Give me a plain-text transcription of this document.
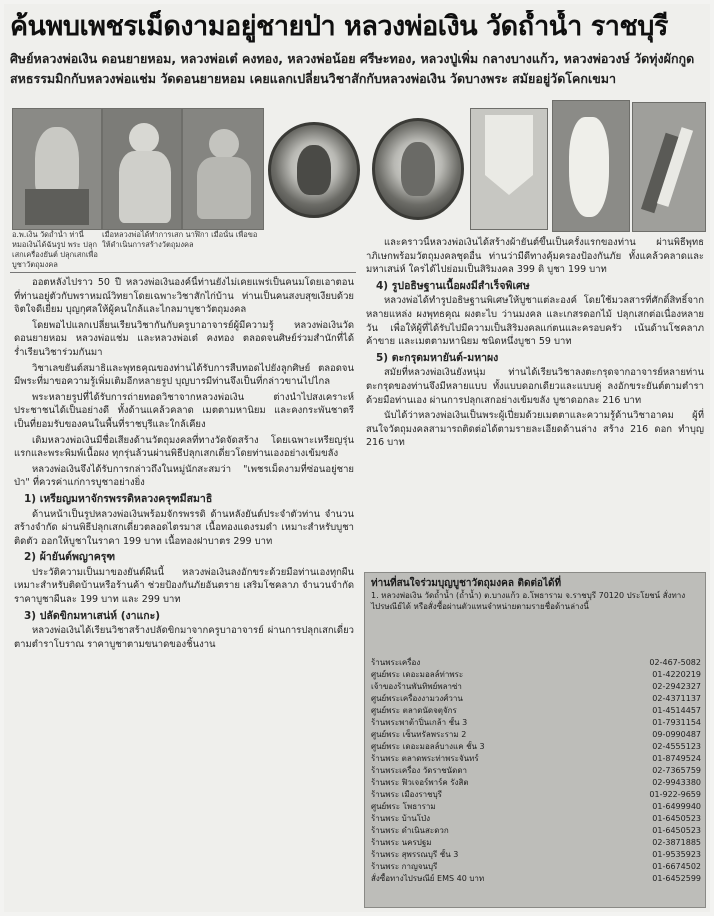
ค้นพบเพชรเม็ดงามอยู่ชายป่า หลวงพ่อเงิน วัดถ้ำน้ำ ราชบุรี
ศิษย์หลวงพ่อเงิน ดอนยายหอม, หลวงพ่อเต๋ คงทอง, หลวงพ่อน้อย ศรีษะทอง, หลวงปู่เพิ่ม กลางบางแก้ว, หลวงพ่อวงษ์ วัดทุ่งผักกูด
สหธรรมมิกกับหลวงพ่อแช่ม วัดดอนยายหอม เคยแลกเปลี่ยนวิชาสักกับหลวงพ่อเงิน วัดบางพระ สมัยอยู่วัดโคกเขมา
อ.พ.เงิน วัดถ้ำน้ำ ท่านี้ หมอเงินได้ฉันรูป พระ ปลุกเสกเครื่องยันต์ ปลุกเสกเพื่อบูชาวัตถุมงคล
เมื่อหลวงพ่อได้ทำการเสก นาฬิกา เมื่อนั้น เพื่อขอให้ดำเนินการสร้างวัตถุมงคล

ออตหลังไปราว 50 ปี หลวงพ่อเงินองค์นี้ท่านยังไม่เคยแพร่เป็นคนมโดยเอาตอนที่ท่านอยู่ตัวกับพราหมณ์วิทยาโดยเฉพาะวิชาสักไก่บ้าน ท่านเป็นคนสงบสุขเงียบด้วยจิตใจดีเยี่ยม บุญกุศลให้ผู้คนใกล้และไกลมาบูชาวัตถุมงคล

โดยพอไปแลกเปลี่ยนเรียนวิชากันกับครูบาอาจารย์ผู้มีความรู้ หลวงพ่อเงินวัดดอนยายหอม หลวงพ่อแช่ม และหลวงพ่อเต๋ คงทอง ตลอดจนศิษย์ร่วมสำนักที่ได้ร่ำเรียนวิชาร่วมกันมา

วิชาเลขยันต์สมาธิและพุทธคุณของท่านได้รับการสืบทอดไปยังลูกศิษย์ ตลอดจนมีพระที่มาขอความรู้เพิ่มเติมอีกหลายรูป บุญบารมีท่านจึงเป็นที่กล่าวขานไปไกล

พระหลายรูปที่ได้รับการถ่ายทอดวิชาจากหลวงพ่อเงิน ต่างนำไปสงเคราะห์ประชาชนได้เป็นอย่างดี ทั้งด้านแคล้วคลาด เมตตามหานิยม และคงกระพันชาตรี เป็นที่ยอมรับของคนในพื้นที่ราชบุรีและใกล้เคียง

เดิมหลวงพ่อเงินมีชื่อเสียงด้านวัตถุมงคลที่ทางวัดจัดสร้าง โดยเฉพาะเหรียญรุ่นแรกและพระพิมพ์เนื้อผง ทุกรุ่นล้วนผ่านพิธีปลุกเสกเดี่ยวโดยท่านเองอย่างเข้มขลัง

หลวงพ่อเงินจึงได้รับการกล่าวถึงในหมู่นักสะสมว่า "เพชรเม็ดงามที่ซ่อนอยู่ชายป่า" ที่ควรค่าแก่การบูชาอย่างยิ่ง

1) เหรียญมหาจักรพรรดิหลวงครุฑมีสมาธิ

ด้านหน้าเป็นรูปหลวงพ่อเงินพร้อมจักรพรรดิ ด้านหลังยันต์ประจำตัวท่าน จำนวนสร้างจำกัด ผ่านพิธีปลุกเสกเดี่ยวตลอดไตรมาส เนื้อทองแดงรมดำ เหมาะสำหรับบูชาติดตัว ออกให้บูชาในราคา 199 บาท เนื้อทองฝาบาตร 299 บาท

2) ผ้ายันต์พญาครุฑ

ประวัติความเป็นมาของยันต์ผืนนี้ หลวงพ่อเงินลงอักขระด้วยมือท่านเองทุกผืน เหมาะสำหรับติดบ้านหรือร้านค้า ช่วยป้องกันภัยอันตราย เสริมโชคลาภ จำนวนจำกัด ราคาบูชาผืนละ 199 บาท และ 299 บาท

3) ปลัดขิกมหาเสน่ห์ (งาแกะ)

หลวงพ่อเงินได้เรียนวิชาสร้างปลัดขิกมาจากครูบาอาจารย์ ผ่านการปลุกเสกเดี่ยวตามตำราโบราณ ราคาบูชาตามขนาดของชิ้นงาน

และคราวนี้หลวงพ่อเงินได้สร้างผ้ายันต์ขึ้นเป็นครั้งแรกของท่าน ผ่านพิธีพุทธาภิเษกพร้อมวัตถุมงคลชุดอื่น ท่านว่ามีดีทางคุ้มครองป้องกันภัย ทั้งแคล้วคลาดและมหาเสน่ห์ ใครได้ไปย่อมเป็นสิริมงคล 399 ดิ บูชา 199 บาท

4) รูปอธิษฐานเนื้อผงมีสำเร็จพิเศษ

หลวงพ่อได้ทำรูปอธิษฐานพิเศษให้บูชาแต่ละองค์ โดยใช้มวลสารที่ศักดิ์สิทธิ์จากหลายแหล่ง ผงพุทธคุณ ผงตะไบ ว่านมงคล และเกสรดอกไม้ ปลุกเสกต่อเนื่องหลายวัน เพื่อให้ผู้ที่ได้รับไปมีความเป็นสิริมงคลแก่ตนและครอบครัว เน้นด้านโชคลาภ ค้าขาย และเมตตามหานิยม ชนิดหนึ่งบูชา 59 บาท

5) ตะกรุดมหายันต์-มหาผง

สมัยที่หลวงพ่อเงินยังหนุ่ม ท่านได้เรียนวิชาลงตะกรุดจากอาจารย์หลายท่าน ตะกรุดของท่านจึงมีหลายแบบ ทั้งแบบดอกเดียวและแบบคู่ ลงอักขระยันต์ตามตำราด้วยมือท่านเอง ผ่านการปลุกเสกอย่างเข้มขลัง บูชาดอกละ 216 บาท

นับได้ว่าหลวงพ่อเงินเป็นพระผู้เปี่ยมด้วยเมตตาและความรู้ด้านวิชาอาคม ผู้ที่สนใจวัตถุมงคลสามารถติดต่อได้ตามรายละเอียดด้านล่าง สร้าง 216 ดอก ทำบุญ 216 บาท

ท่านที่สนใจร่วมบุญบูชาวัตถุมงคล ติดต่อได้ที่
1. หลวงพ่อเงิน วัดถ้ำน้ำ (ถ้ำน้ำ) ต.บางแก้ว อ.โพธาราม จ.ราชบุรี 70120 ประโยชน์ สั่งทางไปรษณีย์ได้ หรือสั่งซื้อผ่านตัวแทนจำหน่ายตามรายชื่อด้านล่างนี้
ร้านพระเครื่อง	02-467-5082
ศูนย์พระ เดอะมอลล์ท่าพระ	01-4220219
เจ้าของร้านพันทิพย์พลาซ่า	02-2942327
ศูนย์พระเครื่องงามวงศ์วาน	02-4371137
ศูนย์พระ ตลาดนัดจตุจักร	01-4514457
ร้านพระพาต้าปิ่นเกล้า ชั้น 3	01-7931154
ศูนย์พระ เซ็นทรัลพระราม 2	09-0990487
ศูนย์พระ เดอะมอลล์บางแค ชั้น 3	02-4555123
ร้านพระ ตลาดพระท่าพระจันทร์	01-8749524
ร้านพระเครื่อง วัดราชนัดดา	02-7365759
ร้านพระ ฟิวเจอร์พาร์ค รังสิต	02-9943380
ร้านพระ เมืองราชบุรี	01-922-9659
ศูนย์พระ โพธาราม	01-6499940
ร้านพระ บ้านโป่ง	01-6450523
ร้านพระ ดำเนินสะดวก	01-6450523
ร้านพระ นครปฐม	02-3871885
ร้านพระ สุพรรณบุรี ชั้น 3	01-9535923
ร้านพระ กาญจนบุรี	01-6674502
สั่งซื้อทางไปรษณีย์ EMS 40 บาท	01-6452599
